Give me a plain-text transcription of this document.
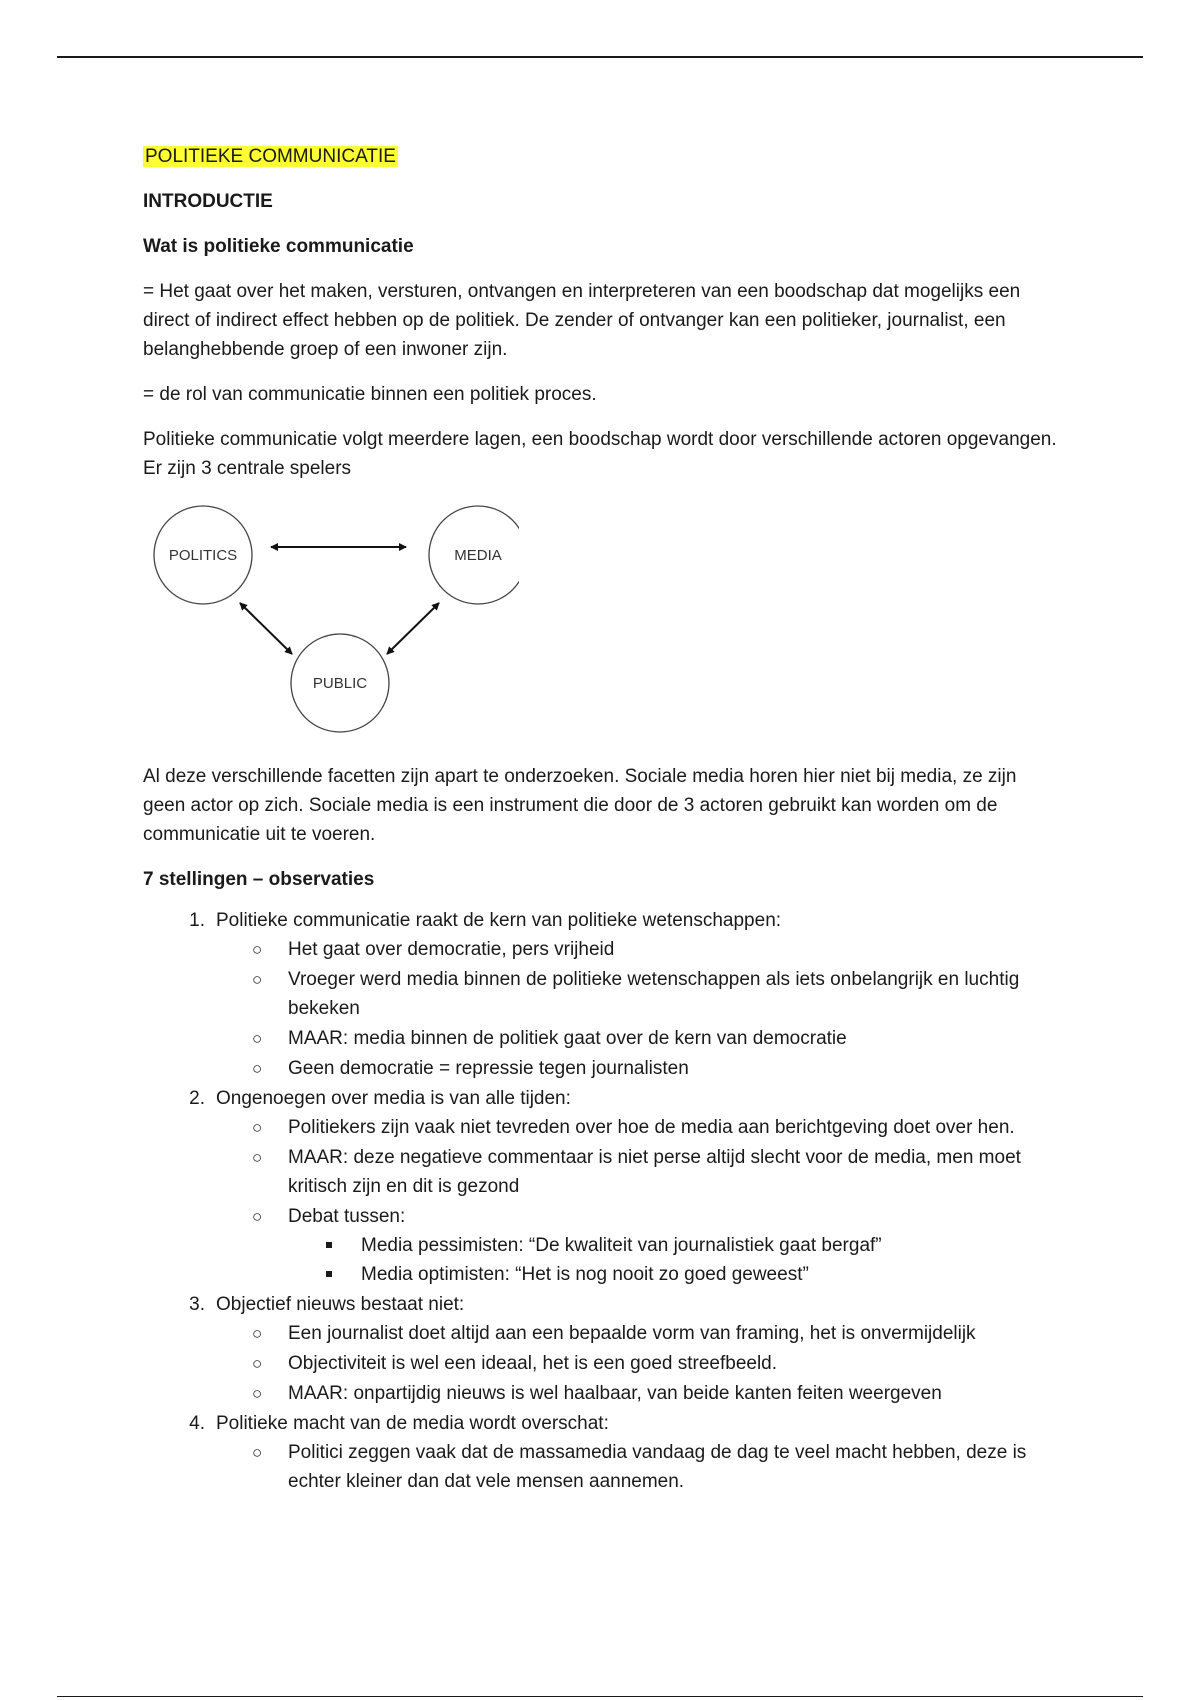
POLITIEKE COMMUNICATIE

INTRODUCTIE

Wat is politieke communicatie

= Het gaat over het maken, versturen, ontvangen en interpreteren van een boodschap dat mogelijks een direct of indirect effect hebben op de politiek. De zender of ontvanger kan een politieker, journalist, een belanghebbende groep of een inwoner zijn.

= de rol van communicatie binnen een politiek proces.

Politieke communicatie volgt meerdere lagen, een boodschap wordt door verschillende actoren opgevangen. Er zijn 3 centrale spelers

POLITICS	MEDIA
PUBLIC

Al deze verschillende facetten zijn apart te onderzoeken. Sociale media horen hier niet bij media, ze zijn geen actor op zich. Sociale media is een instrument die door de 3 actoren gebruikt kan worden om de communicatie uit te voeren.

7 stellingen – observaties

1. Politieke communicatie raakt de kern van politieke wetenschappen:
○ Het gaat over democratie, pers vrijheid
○ Vroeger werd media binnen de politieke wetenschappen als iets onbelangrijk en luchtig bekeken
○ MAAR: media binnen de politiek gaat over de kern van democratie
○ Geen democratie = repressie tegen journalisten
2. Ongenoegen over media is van alle tijden:
○ Politiekers zijn vaak niet tevreden over hoe de media aan berichtgeving doet over hen.
○ MAAR: deze negatieve commentaar is niet perse altijd slecht voor de media, men moet kritisch zijn en dit is gezond
○ Debat tussen:
Media pessimisten: “De kwaliteit van journalistiek gaat bergaf”
Media optimisten: “Het is nog nooit zo goed geweest”
3. Objectief nieuws bestaat niet:
○ Een journalist doet altijd aan een bepaalde vorm van framing, het is onvermijdelijk
○ Objectiviteit is wel een ideaal, het is een goed streefbeeld.
○ MAAR: onpartijdig nieuws is wel haalbaar, van beide kanten feiten weergeven
4. Politieke macht van de media wordt overschat:
○ Politici zeggen vaak dat de massamedia vandaag de dag te veel macht hebben, deze is echter kleiner dan dat vele mensen aannemen.
